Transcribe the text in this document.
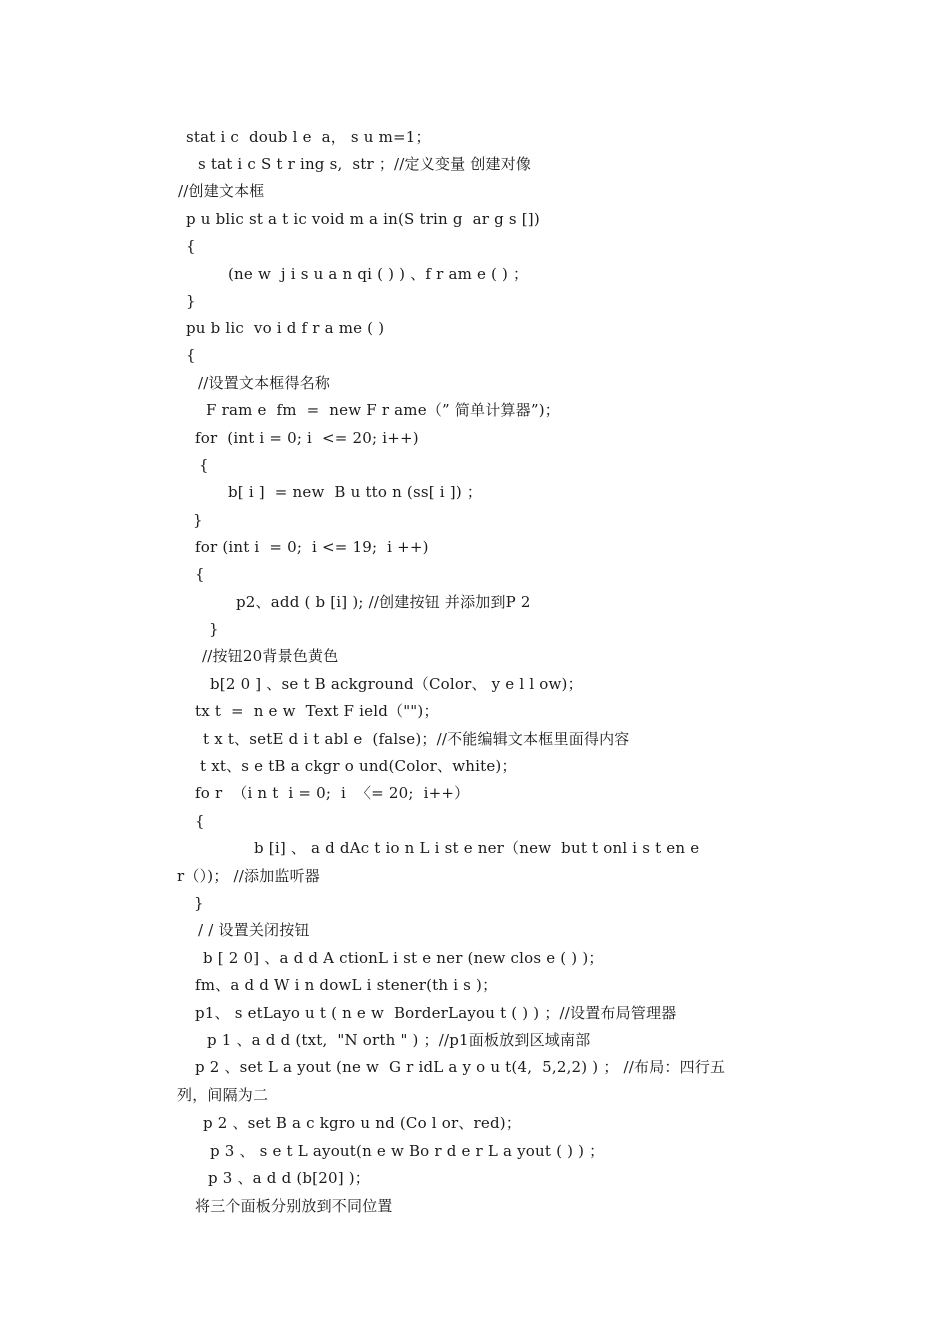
stat i c  doub l e  a， s u m=1；
s tat i c S t r ing s,  str ；//定义变量 创建对像
//创建文本框
p u blic st a t ic void m a in(S trin g  ar g s [])
{
(ne w  j i s u a n qi ( ) ) 、f r am e ( ) ；
}
pu b lic  vo i d f r a me ( )
{
//设置文本框得名称
F ram e  fm  =  new F r ame（” 简单计算器”)；
for  (int i = 0; i  <= 20; i++)
{
b[ i ]  = new  B u tto n (ss[ i ]) ；
}
for (int i  = 0;  i <= 19;  i ++)
{
p2、add ( b [i] ); //创建按钮 并添加到P 2
}
//按钮20背景色黄色
b[2 0 ] 、se t B ackground（Color、 y e l l ow)；
tx t  =  n e w  Text F ield（"")；
t x t、setE d i t abl e  (false)；//不能编辑文本框里面得内容
t xt、s e tB a ckgr o und(Color、white)；
fo r  （i n t  i = 0;  i  〈= 20;  i++）
{
b [i] 、 a d dAc t io n L i st e ner（new  but t onl i s t en e
r（）)； //添加监听器
}
/ / 设置关闭按钮
b [ 2 0] 、a d d A ctionL i st e ner (new clos e ( ) )；
fm、a d d W i n dowL i stener(th i s )；
p1、 s etLayo u t ( n e w  BorderLayou t ( ) ) ；//设置布局管理器
p 1 、a d d (txt,  "N orth " ) ；//p1面板放到区域南部
p 2 、set L a yout (ne w  G r idL a y o u t(4,  5,2,2) ) ； //布局：四行五
列，间隔为二
p 2 、set B a c kgro u nd (Co l or、red)；
p 3 、 s e t L ayout(n e w Bo r d e r L a yout ( ) ) ；
p 3 、a d d (b[20] )；
将三个面板分别放到不同位置
